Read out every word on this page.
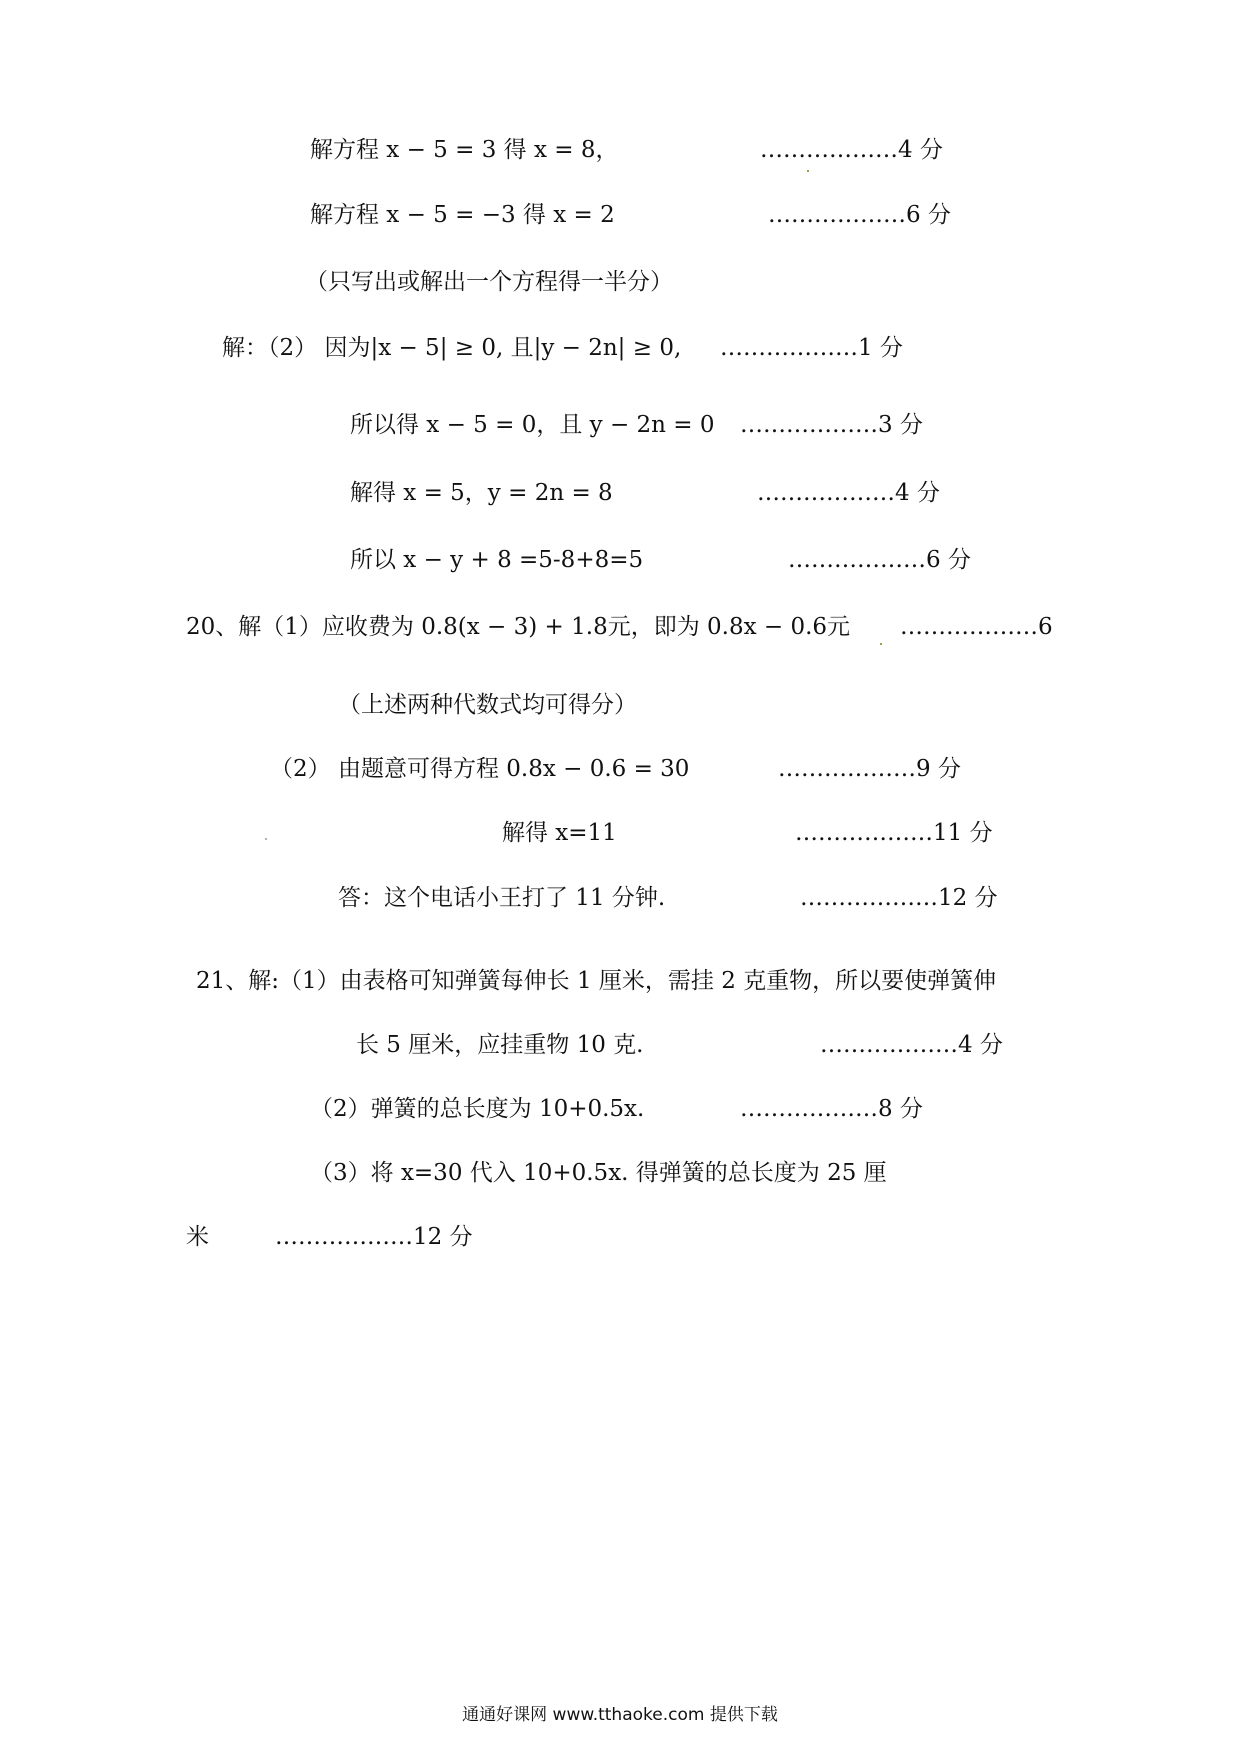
解方程 x − 5 = 3 得 x = 8，	………………4 分
解方程 x − 5 = −3 得 x = 2	………………6 分
（只写出或解出一个方程得一半分）
解：（2） 因为|x − 5| ≥ 0, 且|y − 2n| ≥ 0, ………………1 分
所以得 x − 5 = 0，且 y − 2n = 0 ………………3 分
解得 x = 5，y = 2n = 8	………………4 分
所以 x − y + 8 =5-8+8=5	………………6 分
20、解（1）应收费为 0.8(x − 3) + 1.8元，即为 0.8x − 0.6元 ………………6
（上述两种代数式均可得分）
（2） 由题意可得方程 0.8x − 0.6 = 30	………………9 分
解得 x=11	………………11 分
答：这个电话小王打了 11 分钟.	………………12 分
21、解:（1）由表格可知弹簧每伸长 1 厘米，需挂 2 克重物，所以要使弹簧伸
长 5 厘米，应挂重物 10 克.	………………4 分
（2）弹簧的总长度为 10+0.5x.	………………8 分
（3）将 x=30 代入 10+0.5x. 得弹簧的总长度为 25 厘
米	………………12 分
通通好课网 www.tthaoke.com 提供下载
